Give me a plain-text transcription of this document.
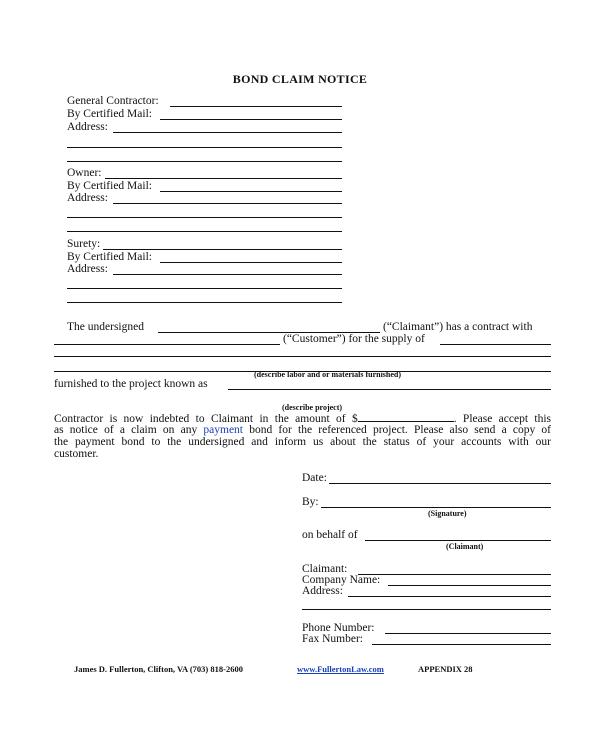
BOND CLAIM NOTICE
General Contractor:
By Certified Mail:
Address:
Owner:
By Certified Mail:
Address:
Surety:
By Certified Mail:
Address:
The undersigned	(“Claimant”) has a contract with
(“Customer”) for the supply of
(describe labor and or materials furnished)
furnished to the project known as
(describe project)
Contractor is now indebted to Claimant in the amount of $	. Please accept this
as notice of a claim on any payment bond for the referenced project. Please also send a copy of
the payment bond to the undersigned and inform us about the status of your accounts with our
customer.
Date:
By:
(Signature)
on behalf of
(Claimant)
Claimant:
Company Name:
Address:
Phone Number:
Fax Number:
James D. Fullerton, Clifton, VA (703) 818-2600	www.FullertonLaw.com	APPENDIX 28
